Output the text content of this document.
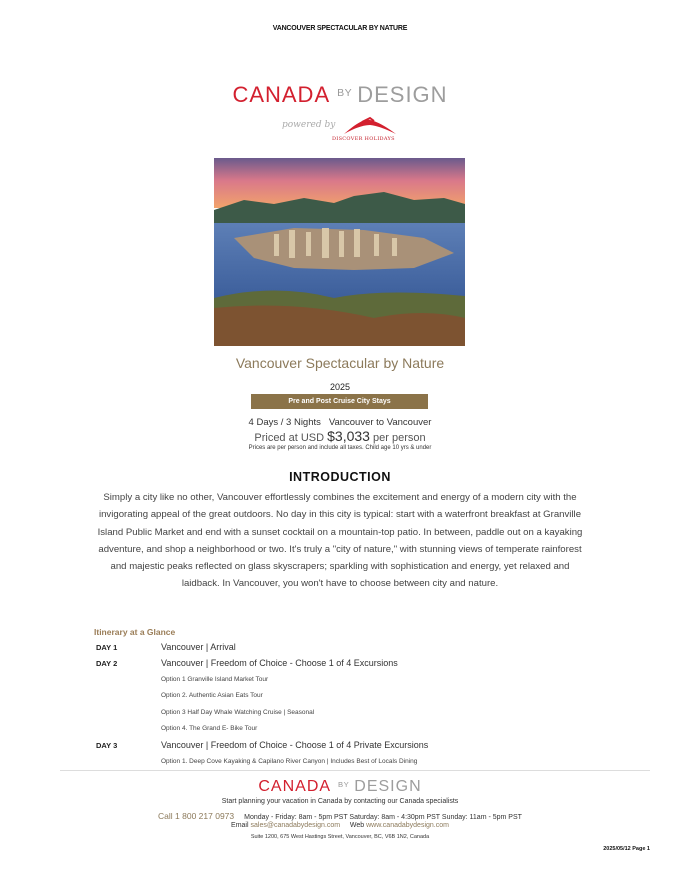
VANCOUVER SPECTACULAR BY NATURE
CANADA $^{BY}$ DESIGN
powered by
DISCOVER HOLIDAYS
Vancouver Spectacular by Nature
2025
Pre and Post Cruise City Stays
4 Days / 3 Nights Vancouver to Vancouver
Priced at USD $3,033 per person
Prices are per person and include all taxes. Child age 10 yrs & under
INTRODUCTION
Simply a city like no other, Vancouver effortlessly combines the excitement and energy of a modern city with the invigorating appeal of the great outdoors. No day in this city is typical: start with a waterfront breakfast at Granville Island Public Market and end with a sunset cocktail on a mountain-top patio. In between, paddle out on a kayaking adventure, and shop a neighborhood or two. It's truly a "city of nature," with stunning views of temperate rainforest and majestic peaks reflected on glass skyscrapers; sparkling with sophistication and energy, yet relaxed and laidback. In Vancouver, you won't have to choose between city and nature.
Itinerary at a Glance
DAY 1	Vancouver | Arrival
DAY 2	Vancouver | Freedom of Choice - Choose 1 of 4 Excursions
Option 1 Granville Island Market Tour
Option 2. Authentic Asian Eats Tour
Option 3 Half Day Whale Watching Cruise | Seasonal
Option 4. The Grand E- Bike Tour
DAY 3	Vancouver | Freedom of Choice - Choose 1 of 4 Private Excursions
Option 1. Deep Cove Kayaking & Capilano River Canyon | Includes Best of Locals Dining
CANADA $^{BY}$ DESIGN
Start planning your vacation in Canada by contacting our Canada specialists
Call 1 800 217 0973 Monday - Friday: 8am - 5pm PST Saturday: 8am - 4:30pm PST Sunday: 11am - 5pm PST
Email sales@canadabydesign.com Web www.canadabydesign.com
Suite 1200, 675 West Hastings Street, Vancouver, BC, V6B 1N2, Canada
2025/05/12 Page 1
